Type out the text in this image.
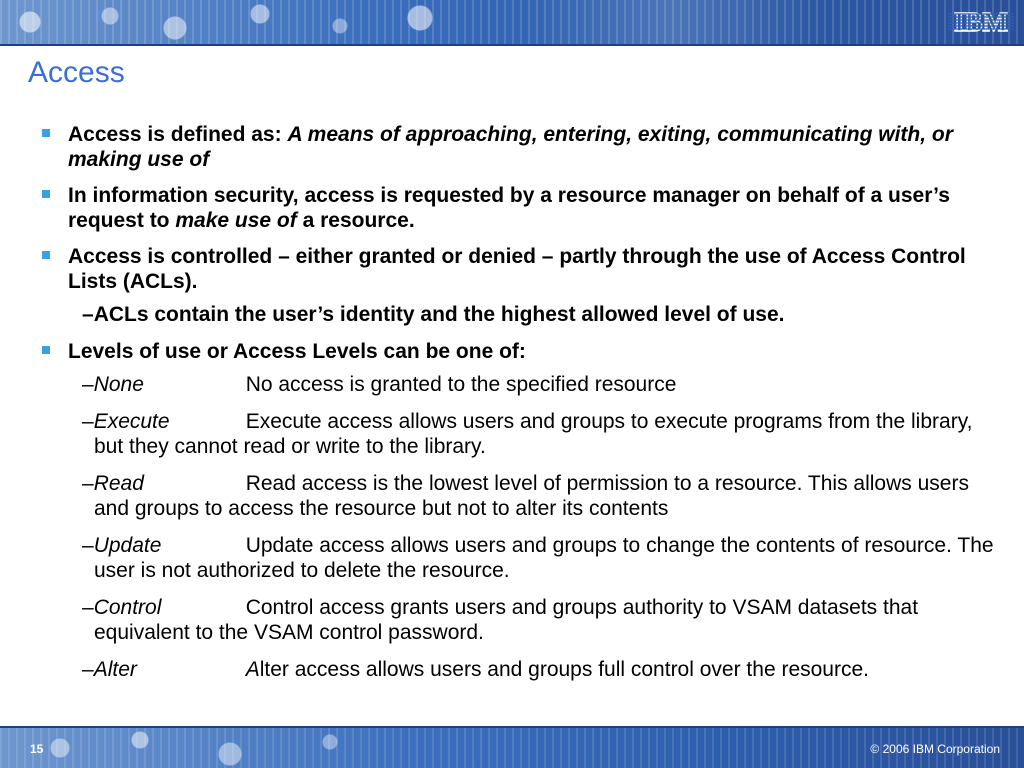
IBM
Access
Access is defined as: A means of approaching, entering, exiting, communicating with, or making use of
In information security, access is requested by a resource manager on behalf of a user’s request to make use of a resource.
Access is controlled – either granted or denied – partly through the use of Access Control Lists (ACLs).
–ACLs contain the user’s identity and the highest allowed level of use.
Levels of use or Access Levels can be one of:
–None	No access is granted to the specified resource
–Execute	Execute access allows users and groups to execute programs from the library, but they cannot read or write to the library.
–Read	Read access is the lowest level of permission to a resource. This allows users and groups to access the resource but not to alter its contents
–Update	Update access allows users and groups to change the contents of resource. The user is not authorized to delete the resource.
–Control	Control access grants users and groups authority to VSAM datasets that equivalent to the VSAM control password.
–Alter	Alter access allows users and groups full control over the resource.
15	© 2006 IBM Corporation
